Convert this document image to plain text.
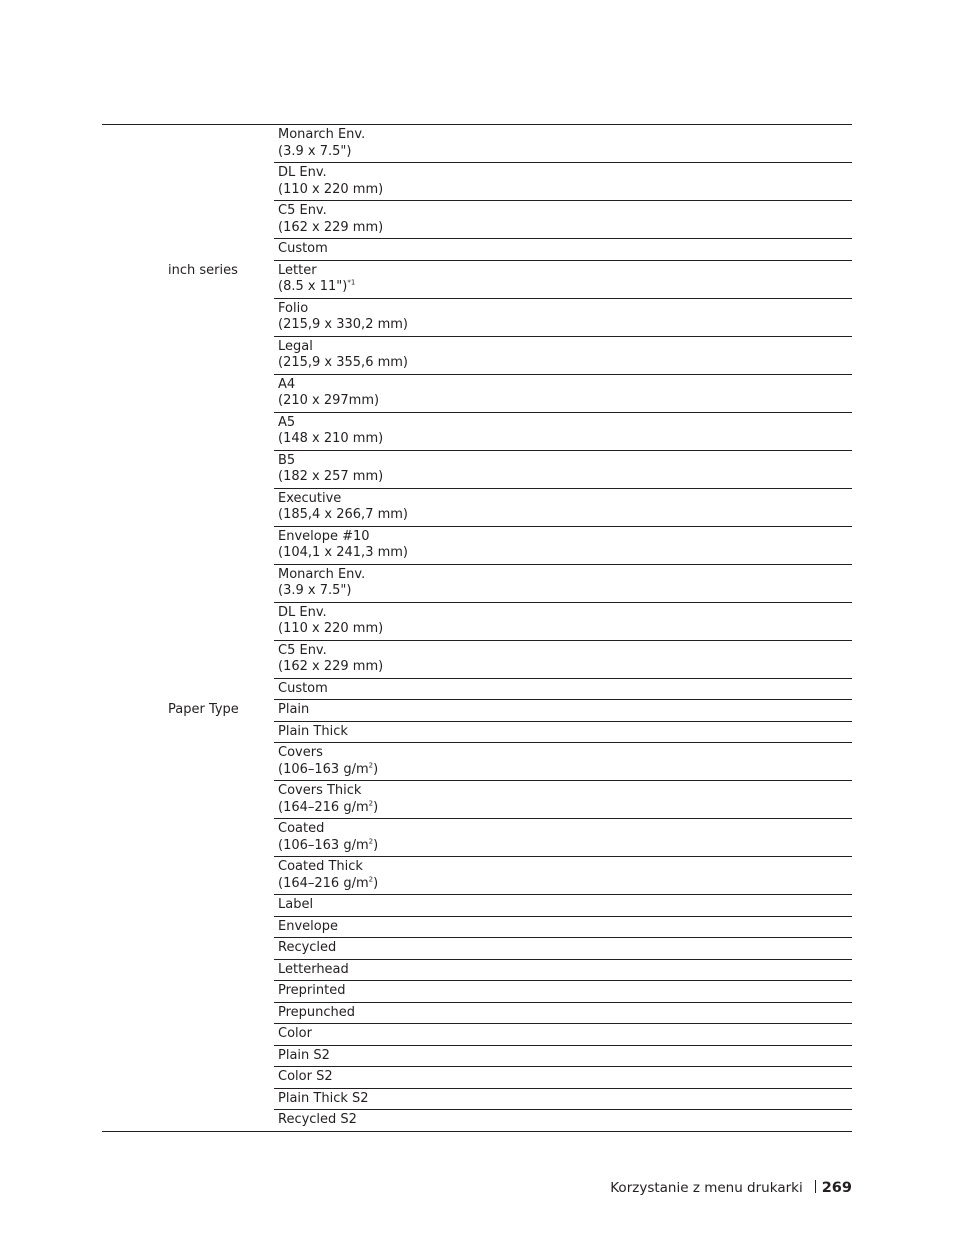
Monarch Env.
(3.9 x 7.5")
DL Env.
(110 x 220 mm)
C5 Env.
(162 x 229 mm)
Custom
inch series	Letter
(8.5 x 11")$^{*1}$
Folio
(215,9 x 330,2 mm)
Legal
(215,9 x 355,6 mm)
A4
(210 x 297mm)
A5
(148 x 210 mm)
B5
(182 x 257 mm)
Executive
(185,4 x 266,7 mm)
Envelope #10
(104,1 x 241,3 mm)
Monarch Env.
(3.9 x 7.5")
DL Env.
(110 x 220 mm)
C5 Env.
(162 x 229 mm)
Custom
Paper Type	Plain
Plain Thick
Covers
(106–163 $g/m^2$)
Covers Thick
(164–216 $g/m^2$)
Coated
(106–163 $g/m^2$)
Coated Thick
(164–216 $g/m^2$)
Label
Envelope
Recycled
Letterhead
Preprinted
Prepunched
Color
Plain S2
Color S2
Plain Thick S2
Recycled S2
Korzystanie z menu drukarki 269
